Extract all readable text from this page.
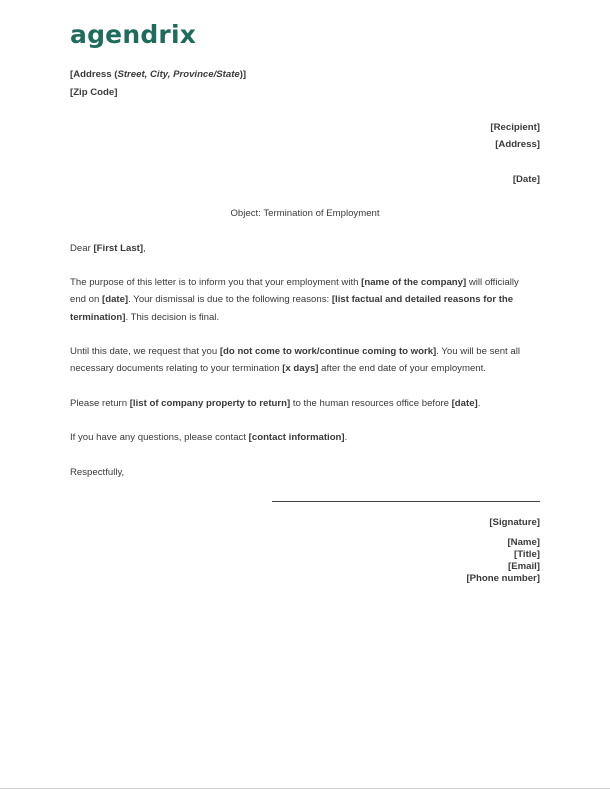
agendrix
[Address (Street, City, Province/State)]
[Zip Code]
[Recipient]
[Address]
[Date]
Object: Termination of Employment
Dear [First Last],
The purpose of this letter is to inform you that your employment with [name of the company] will officially
end on [date]. Your dismissal is due to the following reasons: [list factual and detailed reasons for the
termination]. This decision is final.
Until this date, we request that you [do not come to work/continue coming to work]. You will be sent all
necessary documents relating to your termination [x days] after the end date of your employment.
Please return [list of company property to return] to the human resources office before [date].
If you have any questions, please contact [contact information].
Respectfully,
[Signature]
[Name]
[Title]
[Email]
[Phone number]
